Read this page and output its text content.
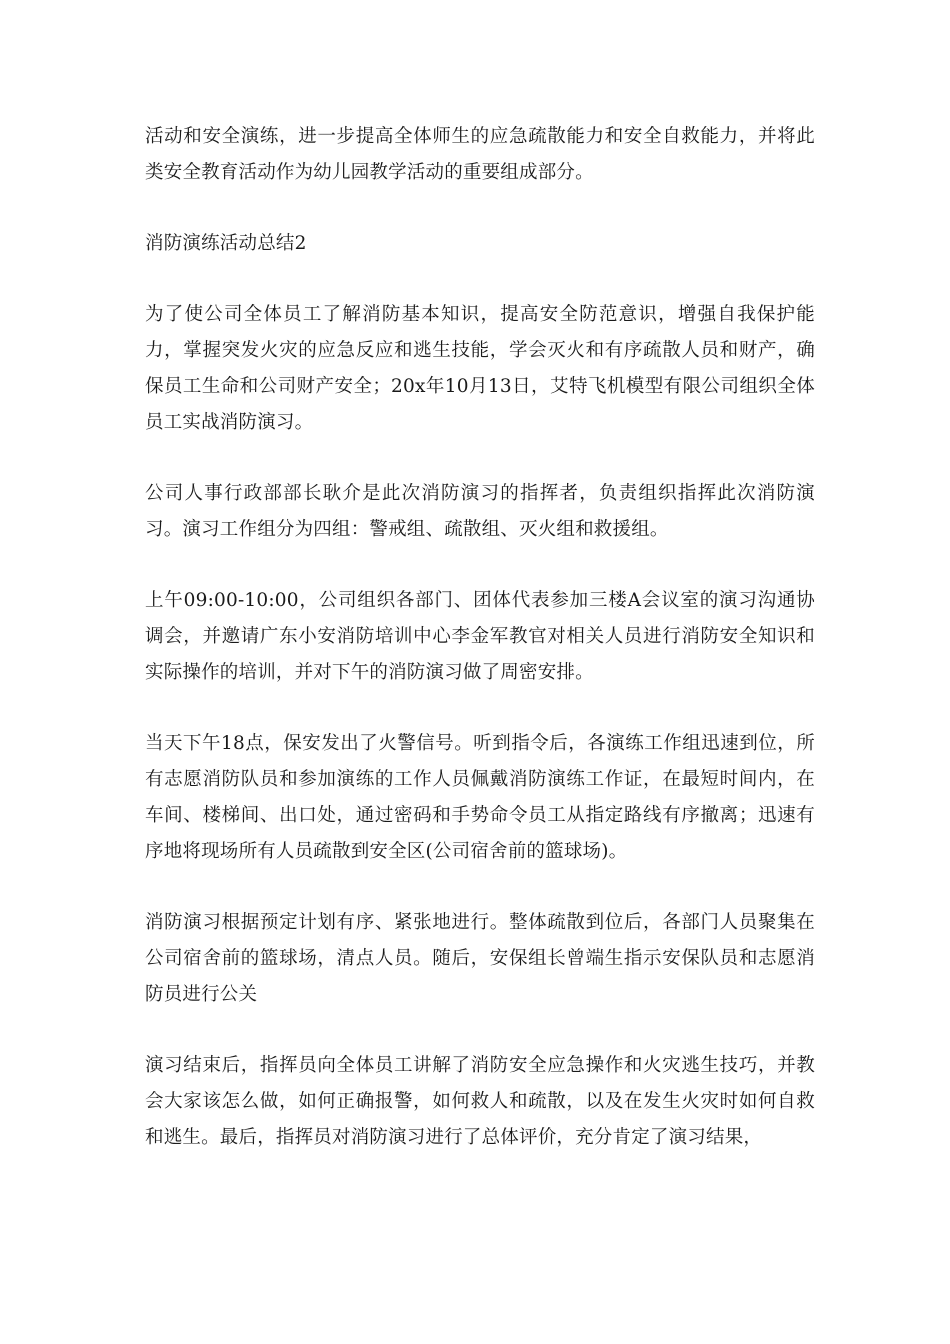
活动和安全演练，进一步提高全体师生的应急疏散能力和安全自救能力，并将此类安全教育活动作为幼儿园教学活动的重要组成部分。

消防演练活动总结2

为了使公司全体员工了解消防基本知识，提高安全防范意识，增强自我保护能力，掌握突发火灾的应急反应和逃生技能，学会灭火和有序疏散人员和财产，确保员工生命和公司财产安全；20x年10月13日，艾特飞机模型有限公司组织全体员工实战消防演习。

公司人事行政部部长耿介是此次消防演习的指挥者，负责组织指挥此次消防演习。演习工作组分为四组：警戒组、疏散组、灭火组和救援组。

上午09:00-10:00，公司组织各部门、团体代表参加三楼A会议室的演习沟通协调会，并邀请广东小安消防培训中心李金军教官对相关人员进行消防安全知识和实际操作的培训，并对下午的消防演习做了周密安排。

当天下午18点，保安发出了火警信号。听到指令后，各演练工作组迅速到位，所有志愿消防队员和参加演练的工作人员佩戴消防演练工作证，在最短时间内，在车间、楼梯间、出口处，通过密码和手势命令员工从指定路线有序撤离；迅速有序地将现场所有人员疏散到安全区(公司宿舍前的篮球场)。

消防演习根据预定计划有序、紧张地进行。整体疏散到位后，各部门人员聚集在公司宿舍前的篮球场，清点人员。随后，安保组长曾端生指示安保队员和志愿消防员进行公关

演习结束后，指挥员向全体员工讲解了消防安全应急操作和火灾逃生技巧，并教会大家该怎么做，如何正确报警，如何救人和疏散，以及在发生火灾时如何自救和逃生。最后，指挥员对消防演习进行了总体评价，充分肯定了演习结果，
